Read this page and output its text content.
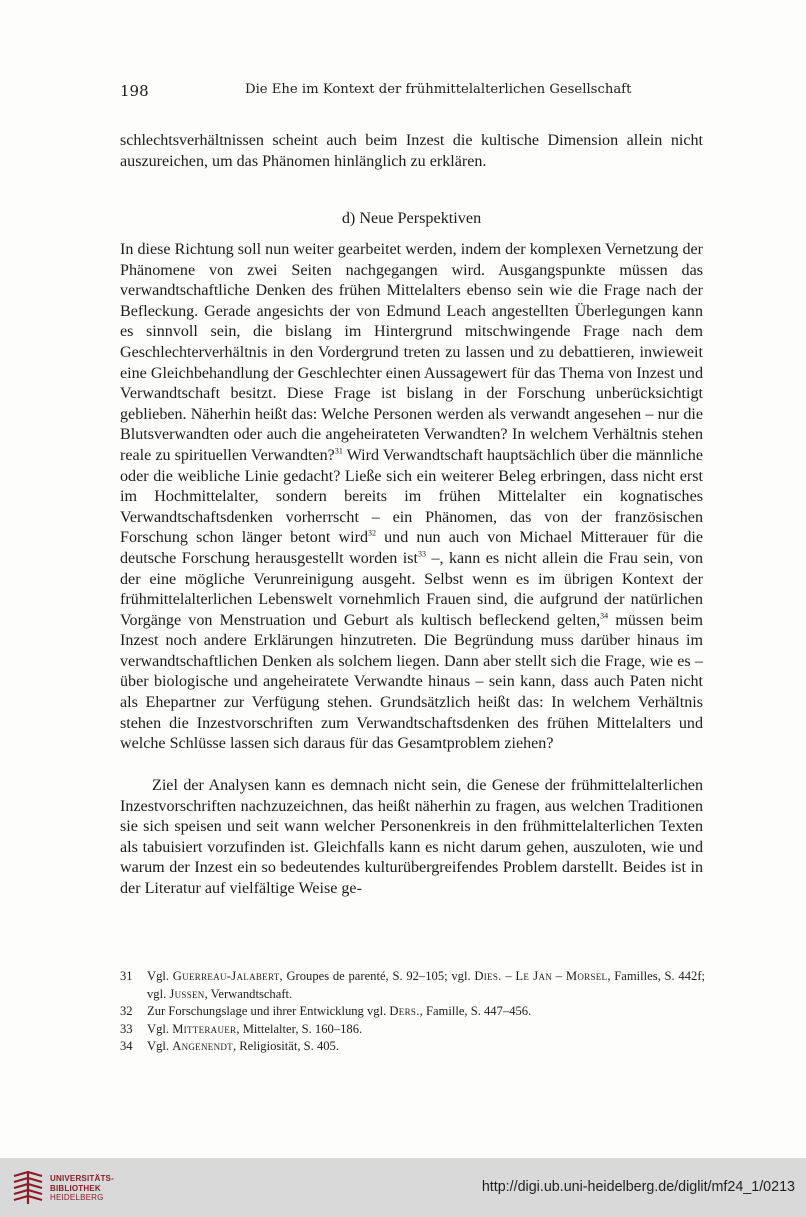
198	Die Ehe im Kontext der frühmittelalterlichen Gesellschaft

schlechtsverhältnissen scheint auch beim Inzest die kultische Dimension allein nicht auszureichen, um das Phänomen hinlänglich zu erklären.

d) Neue Perspektiven

In diese Richtung soll nun weiter gearbeitet werden, indem der komplexen Vernetzung der Phänomene von zwei Seiten nachgegangen wird. Ausgangspunkte müssen das verwandtschaftliche Denken des frühen Mittelalters ebenso sein wie die Frage nach der Befleckung. Gerade angesichts der von Edmund Leach angestellten Überlegungen kann es sinnvoll sein, die bislang im Hintergrund mitschwingende Frage nach dem Geschlechterverhältnis in den Vordergrund treten zu lassen und zu debattieren, inwieweit eine Gleichbehandlung der Geschlechter einen Aussagewert für das Thema von Inzest und Verwandtschaft besitzt. Diese Frage ist bislang in der Forschung unberücksichtigt geblieben. Näherhin heißt das: Welche Personen werden als verwandt angesehen – nur die Blutsverwandten oder auch die angeheirateten Verwandten? In welchem Verhältnis stehen reale zu spirituellen Verwandten?$^{31}$ Wird Verwandtschaft hauptsächlich über die männliche oder die weibliche Linie gedacht? Ließe sich ein weiterer Beleg erbringen, dass nicht erst im Hochmittelalter, sondern bereits im frühen Mittelalter ein kognatisches Verwandtschaftsdenken vorherrscht – ein Phänomen, das von der französischen Forschung schon länger betont wird$^{32}$ und nun auch von Michael Mitterauer für die deutsche Forschung herausgestellt worden ist$^{33}$ –, kann es nicht allein die Frau sein, von der eine mögliche Verunreinigung ausgeht. Selbst wenn es im übrigen Kontext der frühmittelalterlichen Lebenswelt vornehmlich Frauen sind, die aufgrund der natürlichen Vorgänge von Menstruation und Geburt als kultisch befleckend gelten,$^{34}$ müssen beim Inzest noch andere Erklärungen hinzutreten. Die Begründung muss darüber hinaus im verwandtschaftlichen Denken als solchem liegen. Dann aber stellt sich die Frage, wie es – über biologische und angeheiratete Verwandte hinaus – sein kann, dass auch Paten nicht als Ehepartner zur Verfügung stehen. Grundsätzlich heißt das: In welchem Verhältnis stehen die Inzestvorschriften zum Verwandtschaftsdenken des frühen Mittelalters und welche Schlüsse lassen sich daraus für das Gesamtproblem ziehen?

Ziel der Analysen kann es demnach nicht sein, die Genese der frühmittelalterlichen Inzestvorschriften nachzuzeichnen, das heißt näherhin zu fragen, aus welchen Traditionen sie sich speisen und seit wann welcher Personenkreis in den frühmittelalterlichen Texten als tabuisiert vorzufinden ist. Gleichfalls kann es nicht darum gehen, auszuloten, wie und warum der Inzest ein so bedeutendes kulturübergreifendes Problem darstellt. Beides ist in der Literatur auf vielfältige Weise ge-

31	Vgl. Guerreau-Jalabert, Groupes de parenté, S. 92–105; vgl. Dies. – Le Jan – Morsel, Familles, S. 442f; vgl. Jussen, Verwandtschaft.
32	Zur Forschungslage und ihrer Entwicklung vgl. Ders., Famille, S. 447–456.
33	Vgl. Mitterauer, Mittelalter, S. 160–186.
34	Vgl. Angenendt, Religiosität, S. 405.
UNIVERSITÄTS-
BIBLIOTHEK
HEIDELBERG
http://digi.ub.uni-heidelberg.de/diglit/mf24_1/0213
